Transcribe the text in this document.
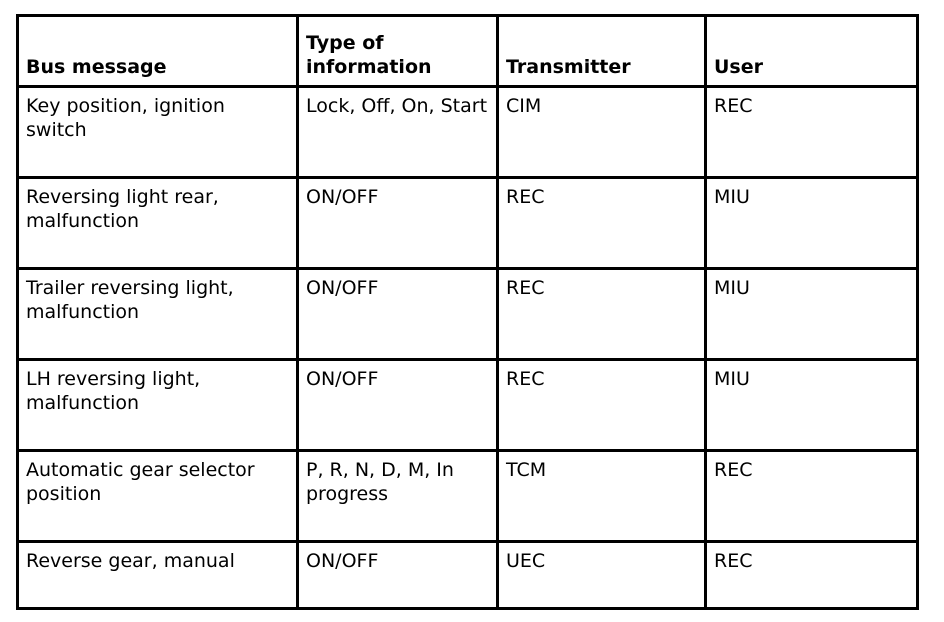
Bus message	Type of information	Transmitter	User
Key position, ignition switch	Lock, Off, On, Start	CIM	REC
Reversing light rear, malfunction	ON/OFF	REC	MIU
Trailer reversing light, malfunction	ON/OFF	REC	MIU
LH reversing light, malfunction	ON/OFF	REC	MIU
Automatic gear selector position	P, R, N, D, M, In progress	TCM	REC
Reverse gear, manual	ON/OFF	UEC	REC
